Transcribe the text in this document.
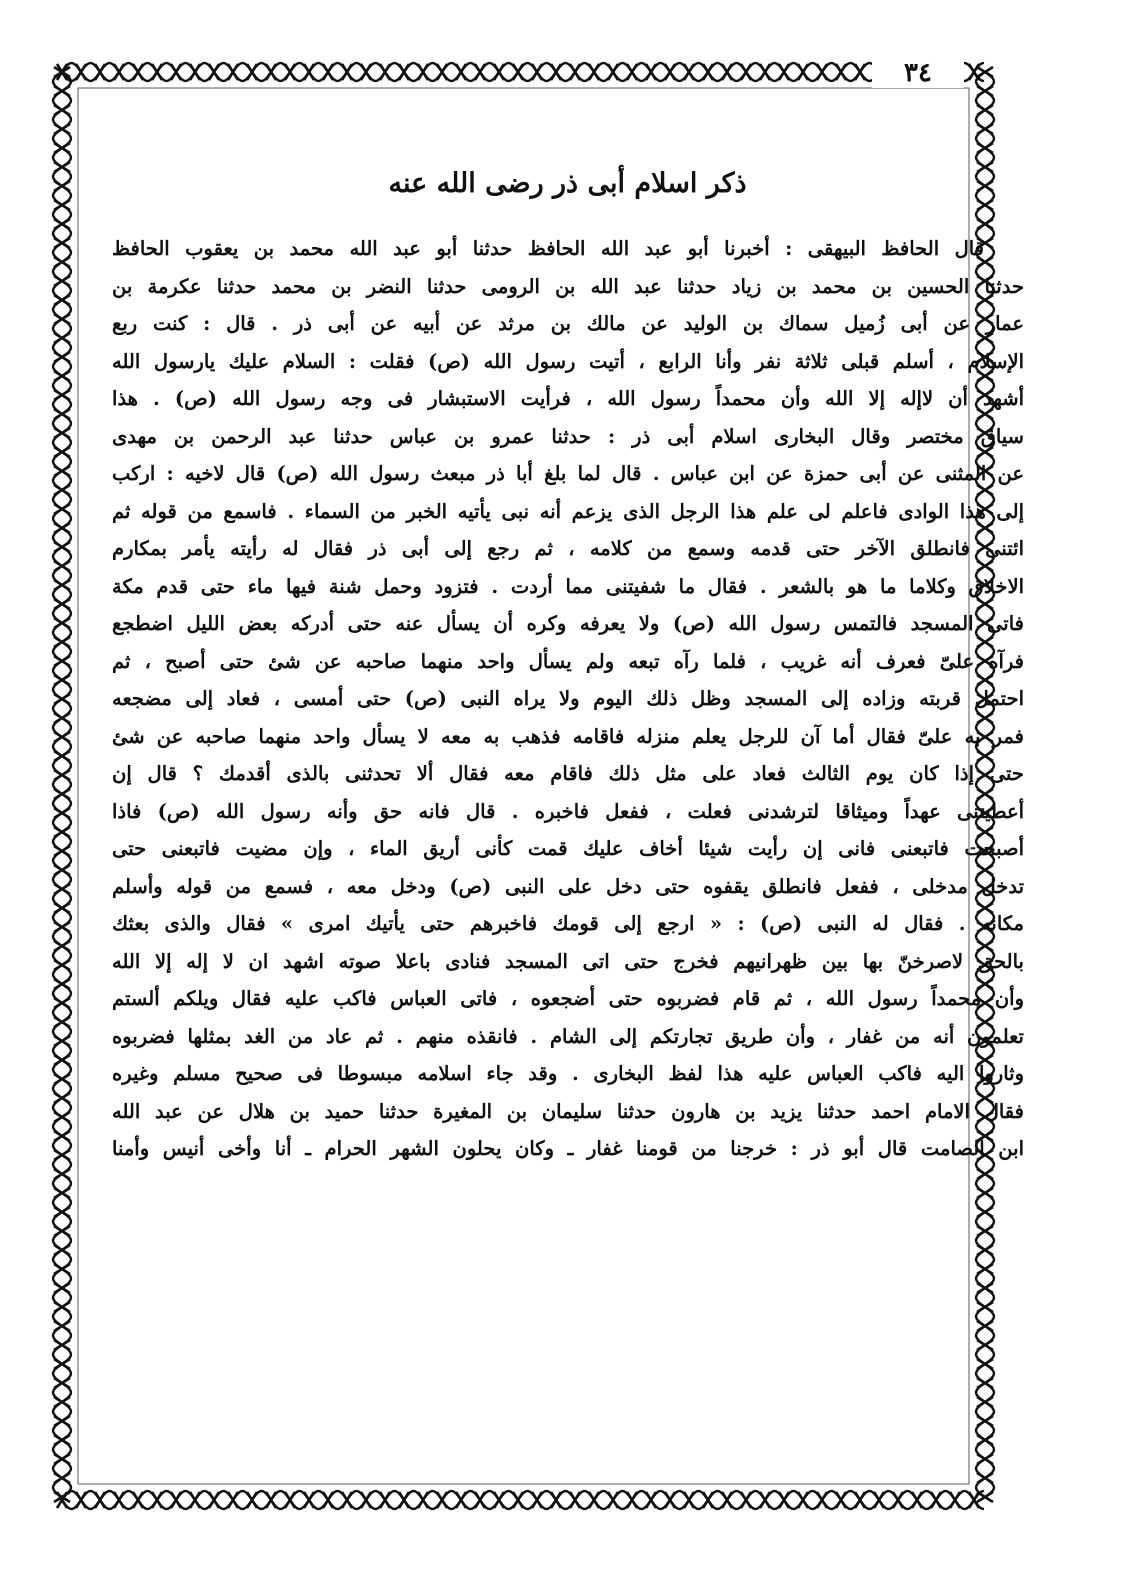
٣٤
ذكر اسلام أبى ذر رضى الله عنه
قال الحافظ البيهقى : أخبرنا أبو عبد الله الحافظ حدثنا أبو عبد الله محمد بن يعقوب الحافظ
حدثنا الحسين بن محمد بن زياد حدثنا عبد الله بن الرومى حدثنا النضر بن محمد حدثنا عكرمة بن
عمار عن أبى زُميل سماك بن الوليد عن مالك بن مرثد عن أبيه عن أبى ذر . قال : كنت ربع
الإسلام ، أسلم قبلى ثلاثة نفر وأنا الرابع ، أتيت رسول الله (ص) فقلت : السلام عليك يارسول الله
أشهد أن لاإله إلا الله وأن محمداً رسول الله ، فرأيت الاستبشار فى وجه رسول الله (ص) . هذا
سياق مختصر وقال البخارى اسلام أبى ذر : حدثنا عمرو بن عباس حدثنا عبد الرحمن بن مهدى
عن المثنى عن أبى حمزة عن ابن عباس . قال لما بلغ أبا ذر مبعث رسول الله (ص) قال لاخيه : اركب
إلى هذا الوادى فاعلم لى علم هذا الرجل الذى يزعم أنه نبى يأتيه الخبر من السماء . فاسمع من قوله ثم
ائتنى فانطلق الآخر حتى قدمه وسمع من كلامه ، ثم رجع إلى أبى ذر فقال له رأيته يأمر بمكارم
الاخلاق وكلاما ما هو بالشعر . فقال ما شفيتنى مما أردت . فتزود وحمل شنة فيها ماء حتى قدم مكة
فاتى المسجد فالتمس رسول الله (ص) ولا يعرفه وكره أن يسأل عنه حتى أدركه بعض الليل اضطجع
فرآه علىّ فعرف أنه غريب ، فلما رآه تبعه ولم يسأل واحد منهما صاحبه عن شئ حتى أصبح ، ثم
احتمل قربته وزاده إلى المسجد وظل ذلك اليوم ولا يراه النبى (ص) حتى أمسى ، فعاد إلى مضجعه
فمر به علىّ فقال أما آن للرجل يعلم منزله فاقامه فذهب به معه لا يسأل واحد منهما صاحبه عن شئ
حتى إذا كان يوم الثالث فعاد على مثل ذلك فاقام معه فقال ألا تحدثنى بالذى أقدمك ؟ قال إن
أعطيتنى عهداً وميثاقا لترشدنى فعلت ، ففعل فاخبره . قال فانه حق وأنه رسول الله (ص) فاذا
أصبحت فاتبعنى فانى إن رأيت شيئا أخاف عليك قمت كأنى أريق الماء ، وإن مضيت فاتبعنى حتى
تدخل مدخلى ، ففعل فانطلق يقفوه حتى دخل على النبى (ص) ودخل معه ، فسمع من قوله وأسلم
مكانه . فقال له النبى (ص) : « ارجع إلى قومك فاخبرهم حتى يأتيك امرى » فقال والذى بعثك
بالحق لاصرخنّ بها بين ظهرانيهم فخرج حتى اتى المسجد فنادى باعلا صوته اشهد ان لا إله إلا الله
وأن محمداً رسول الله ، ثم قام فضربوه حتى أضجعوه ، فاتى العباس فاكب عليه فقال ويلكم ألستم
تعلمون أنه من غفار ، وأن طريق تجارتكم إلى الشام . فانقذه منهم . ثم عاد من الغد بمثلها فضربوه
وثاروا اليه فاكب العباس عليه هذا لفظ البخارى . وقد جاء اسلامه مبسوطا فى صحيح مسلم وغيره
فقال الامام احمد حدثنا يزيد بن هارون حدثنا سليمان بن المغيرة حدثنا حميد بن هلال عن عبد الله
ابن الصامت قال أبو ذر : خرجنا من قومنا غفار ـ وكان يحلون الشهر الحرام ـ أنا وأخى أنيس وأمنا
